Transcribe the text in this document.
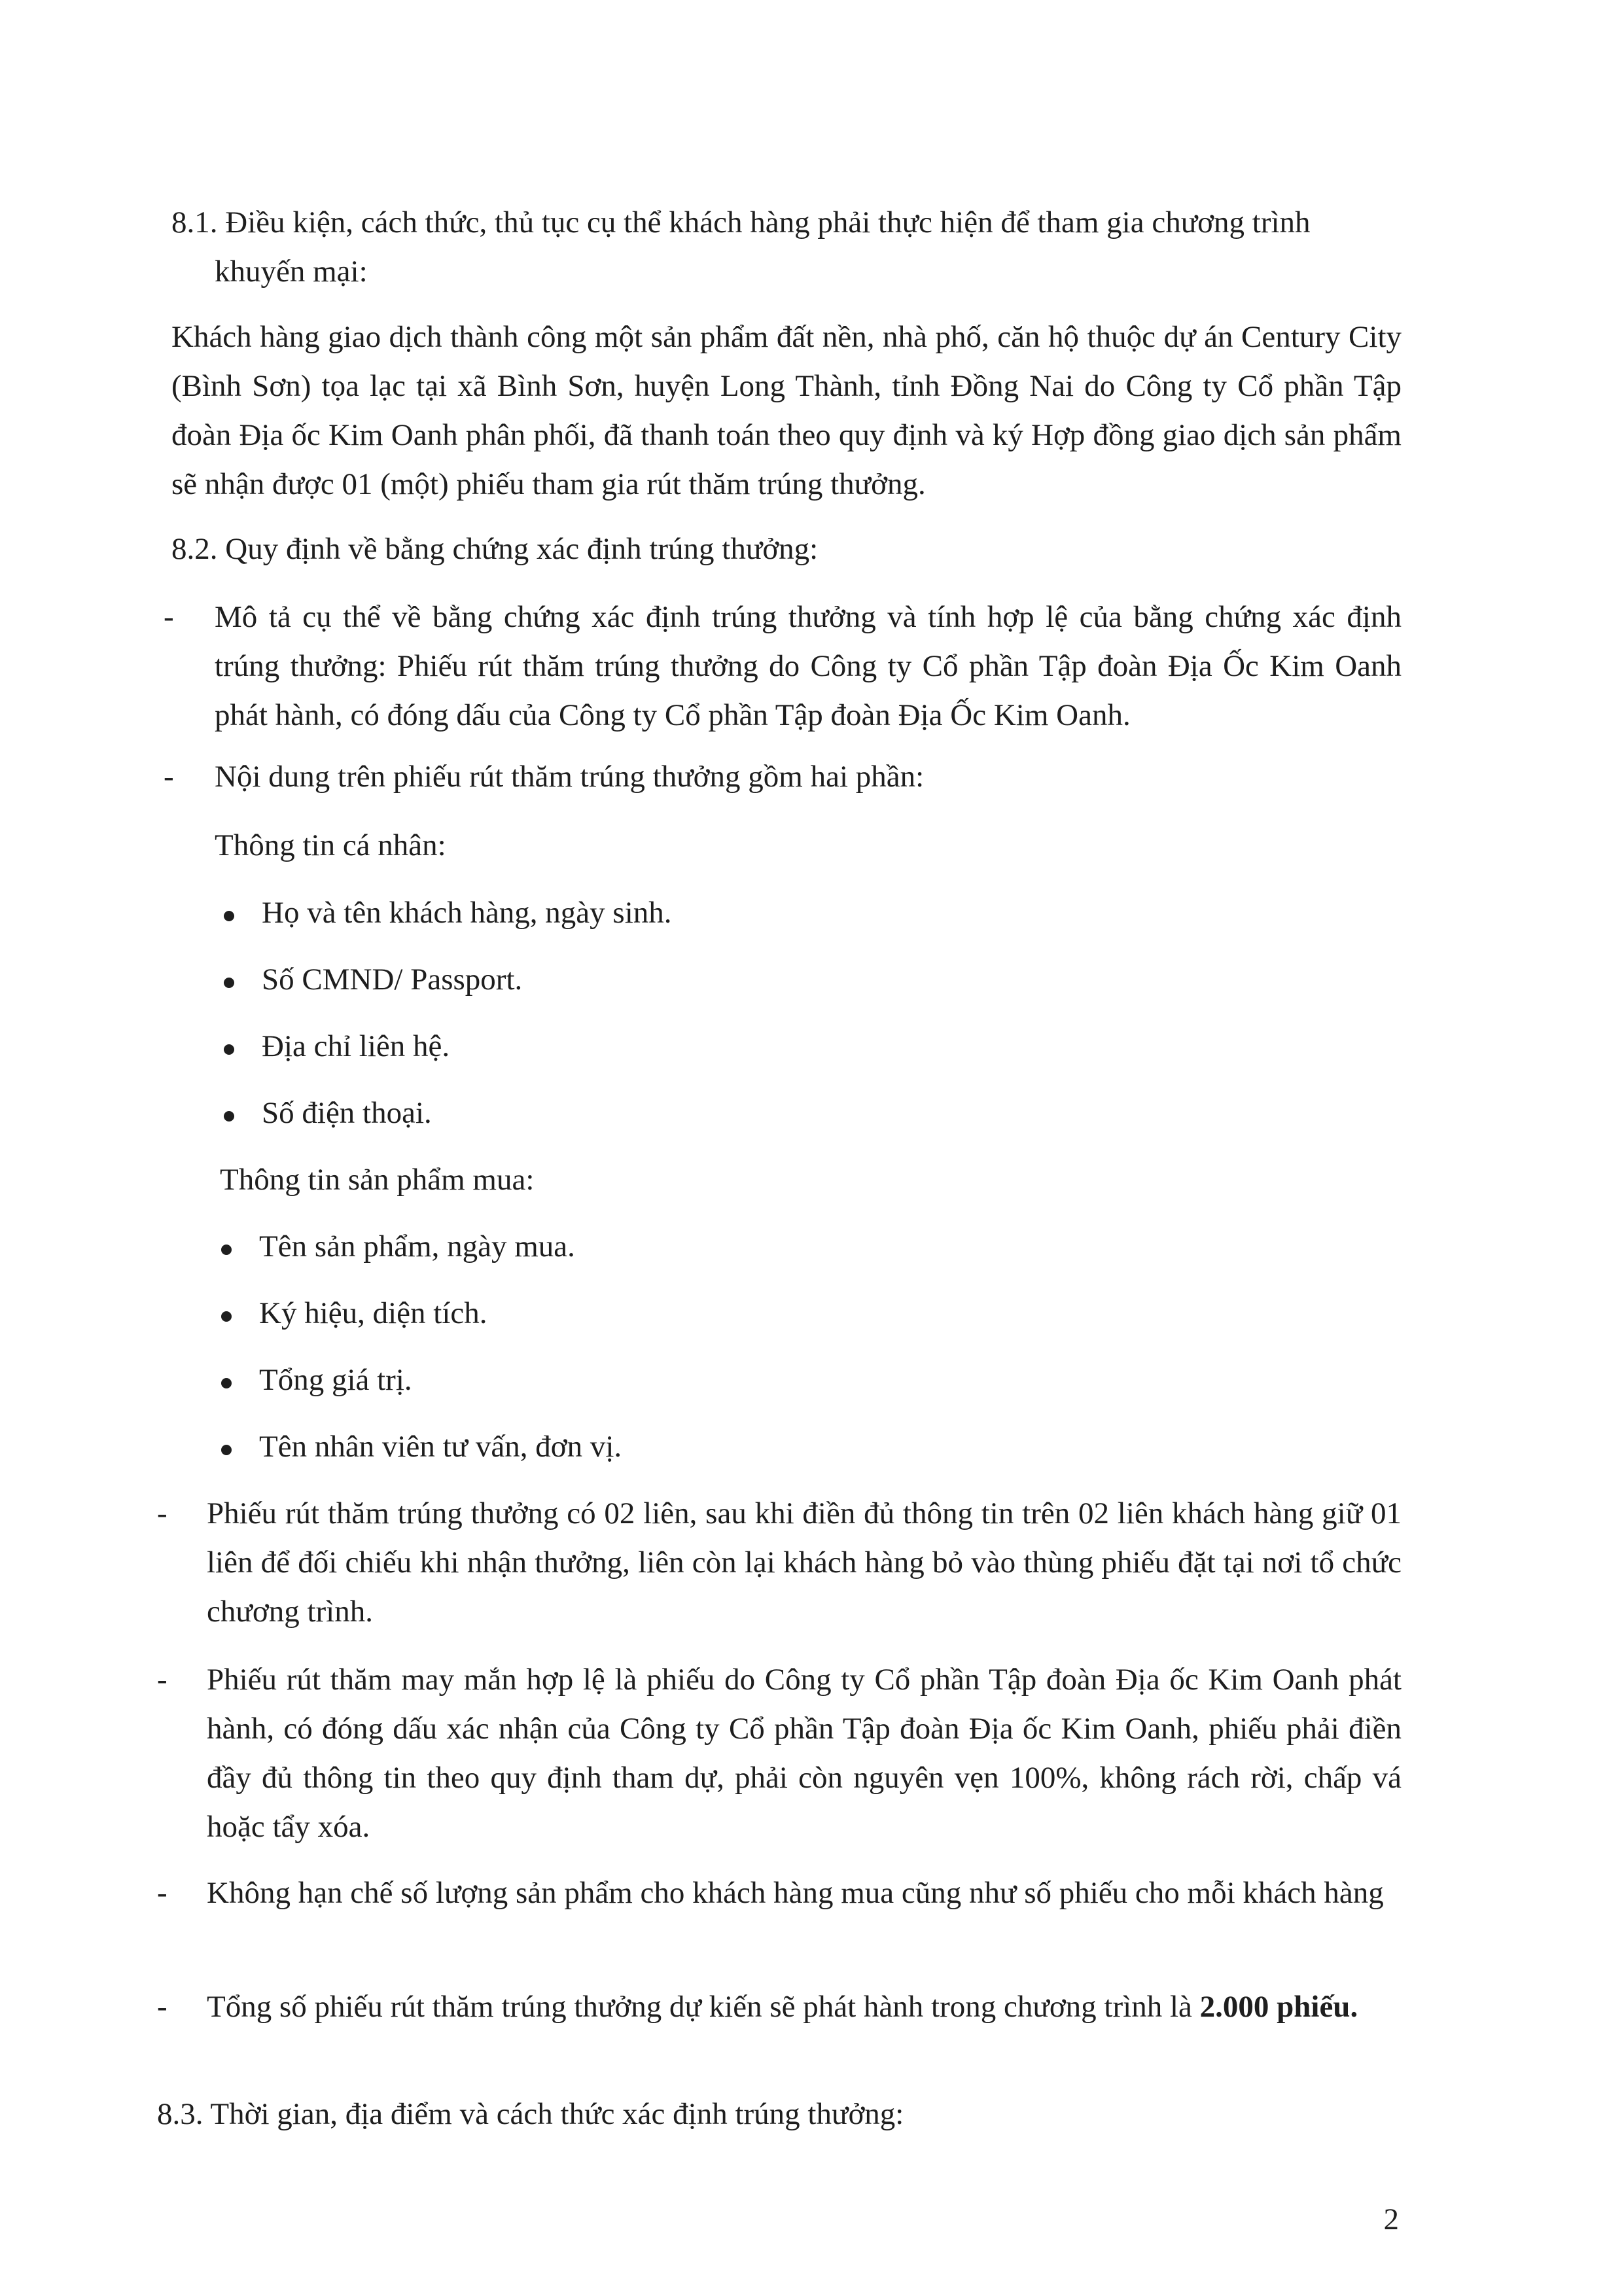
8.1. Điều kiện, cách thức, thủ tục cụ thể khách hàng phải thực hiện để tham gia chương trình

khuyến mại:

Khách hàng giao dịch thành công một sản phẩm đất nền, nhà phố, căn hộ thuộc dự án Century City (Bình Sơn) tọa lạc tại xã Bình Sơn, huyện Long Thành, tỉnh Đồng Nai do Công ty Cổ phần Tập đoàn Địa ốc Kim Oanh phân phối, đã thanh toán theo quy định và ký Hợp đồng giao dịch sản phẩm sẽ nhận được 01 (một) phiếu tham gia rút thăm trúng thưởng.

8.2. Quy định về bằng chứng xác định trúng thưởng:

- Mô tả cụ thể về bằng chứng xác định trúng thưởng và tính hợp lệ của bằng chứng xác định trúng thưởng: Phiếu rút thăm trúng thưởng do Công ty Cổ phần Tập đoàn Địa Ốc Kim Oanh phát hành, có đóng dấu của Công ty Cổ phần Tập đoàn Địa Ốc Kim Oanh.

- Nội dung trên phiếu rút thăm trúng thưởng gồm hai phần:

Thông tin cá nhân:

Họ và tên khách hàng, ngày sinh.

Số CMND/ Passport.

Địa chỉ liên hệ.

Số điện thoại.

Thông tin sản phẩm mua:

Tên sản phẩm, ngày mua.

Ký hiệu, diện tích.

Tổng giá trị.

Tên nhân viên tư vấn, đơn vị.

- Phiếu rút thăm trúng thưởng có 02 liên, sau khi điền đủ thông tin trên 02 liên khách hàng giữ 01 liên để đối chiếu khi nhận thưởng, liên còn lại khách hàng bỏ vào thùng phiếu đặt tại nơi tổ chức chương trình.

- Phiếu rút thăm may mắn hợp lệ là phiếu do Công ty Cổ phần Tập đoàn Địa ốc Kim Oanh phát hành, có đóng dấu xác nhận của Công ty Cổ phần Tập đoàn Địa ốc Kim Oanh, phiếu phải điền đầy đủ thông tin theo quy định tham dự, phải còn nguyên vẹn 100%, không rách rời, chấp vá hoặc tẩy xóa.

- Không hạn chế số lượng sản phẩm cho khách hàng mua cũng như số phiếu cho mỗi khách hàng

- Tổng số phiếu rút thăm trúng thưởng dự kiến sẽ phát hành trong chương trình là 2.000 phiếu.

8.3. Thời gian, địa điểm và cách thức xác định trúng thưởng:

2
